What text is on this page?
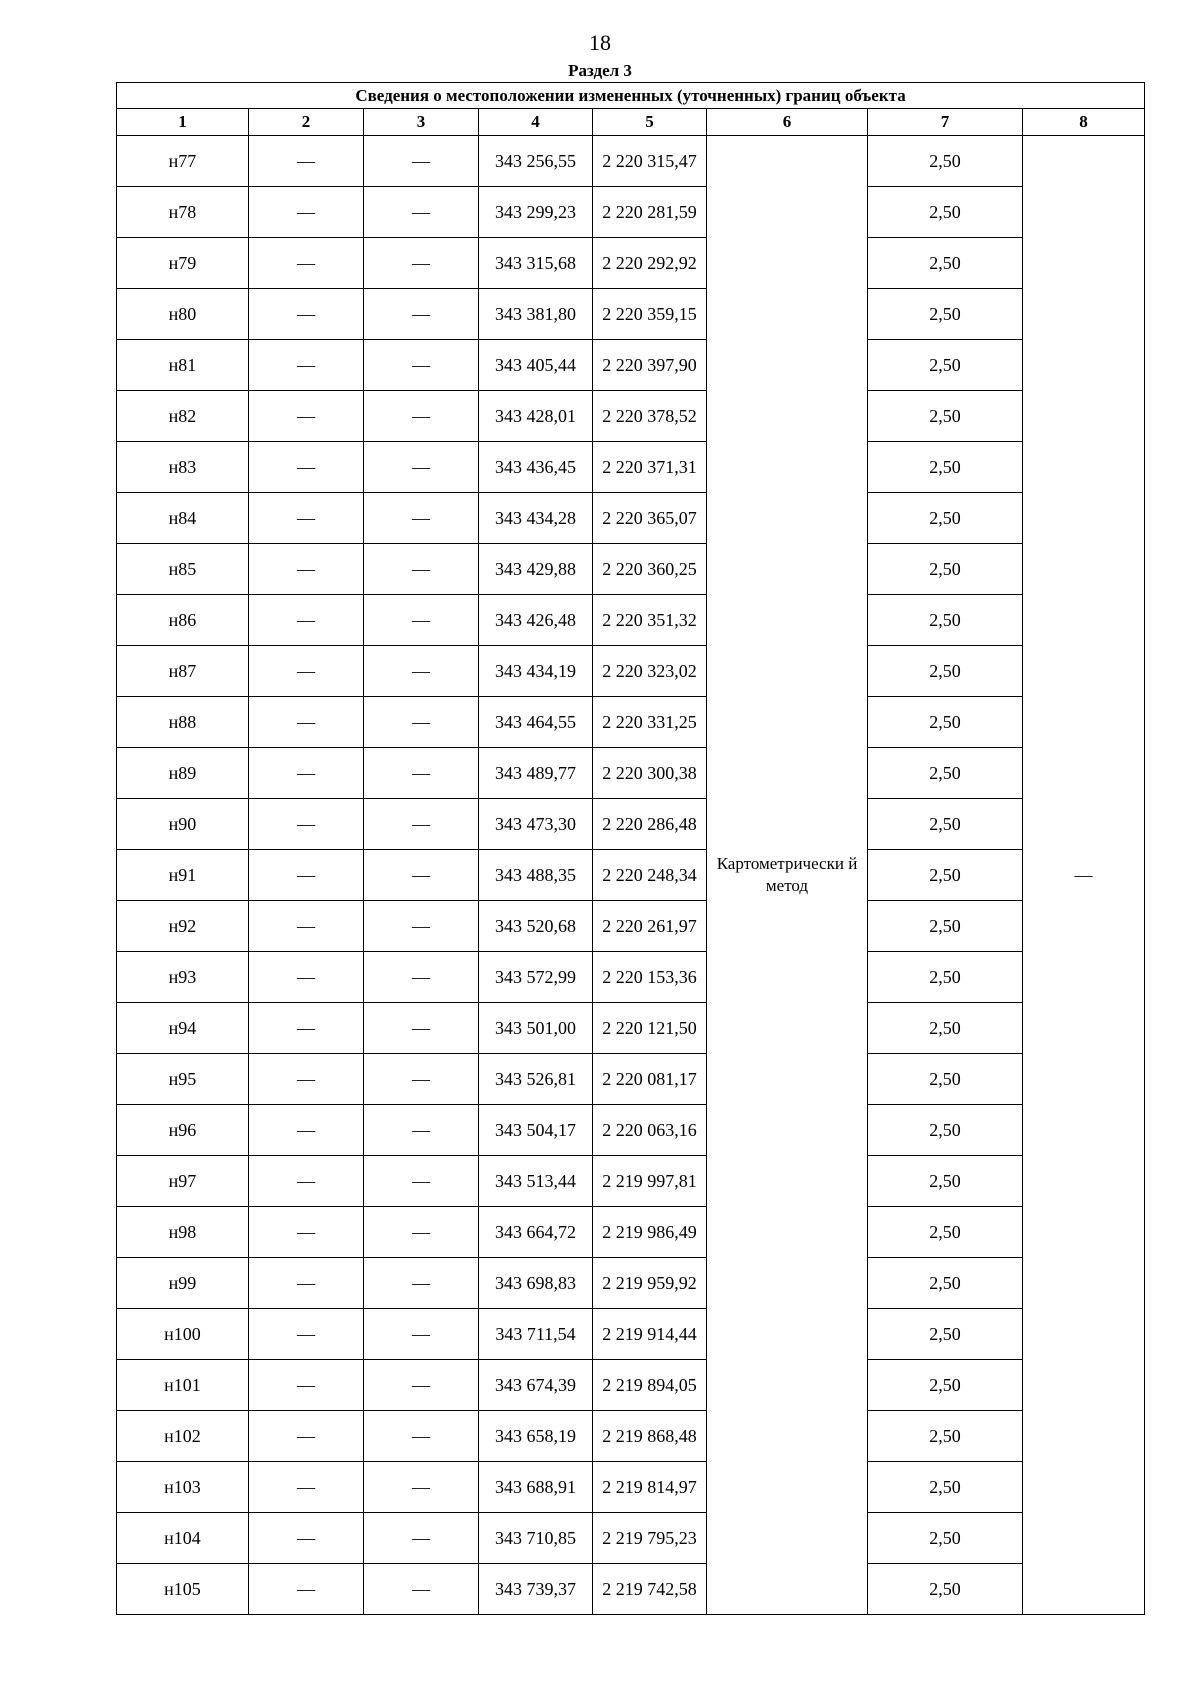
18
Раздел 3
Сведения о местоположении измененных (уточненных) границ объекта							
1	2	3	4	5	6	7	8
н77	—	—	343 256,55	2 220 315,47	Картометрически й метод	2,50	—
н78	—	—	343 299,23	2 220 281,59		2,50	
н79	—	—	343 315,68	2 220 292,92		2,50	
н80	—	—	343 381,80	2 220 359,15		2,50	
н81	—	—	343 405,44	2 220 397,90		2,50	
н82	—	—	343 428,01	2 220 378,52		2,50	
н83	—	—	343 436,45	2 220 371,31		2,50	
н84	—	—	343 434,28	2 220 365,07		2,50	
н85	—	—	343 429,88	2 220 360,25		2,50	
н86	—	—	343 426,48	2 220 351,32		2,50	
н87	—	—	343 434,19	2 220 323,02		2,50	
н88	—	—	343 464,55	2 220 331,25		2,50	
н89	—	—	343 489,77	2 220 300,38		2,50	
н90	—	—	343 473,30	2 220 286,48		2,50	
н91	—	—	343 488,35	2 220 248,34		2,50	
н92	—	—	343 520,68	2 220 261,97		2,50	
н93	—	—	343 572,99	2 220 153,36		2,50	
н94	—	—	343 501,00	2 220 121,50		2,50	
н95	—	—	343 526,81	2 220 081,17		2,50	
н96	—	—	343 504,17	2 220 063,16		2,50	
н97	—	—	343 513,44	2 219 997,81		2,50	
н98	—	—	343 664,72	2 219 986,49		2,50	
н99	—	—	343 698,83	2 219 959,92		2,50	
н100	—	—	343 711,54	2 219 914,44		2,50	
н101	—	—	343 674,39	2 219 894,05		2,50	
н102	—	—	343 658,19	2 219 868,48		2,50	
н103	—	—	343 688,91	2 219 814,97		2,50	
н104	—	—	343 710,85	2 219 795,23		2,50	
н105	—	—	343 739,37	2 219 742,58		2,50	
